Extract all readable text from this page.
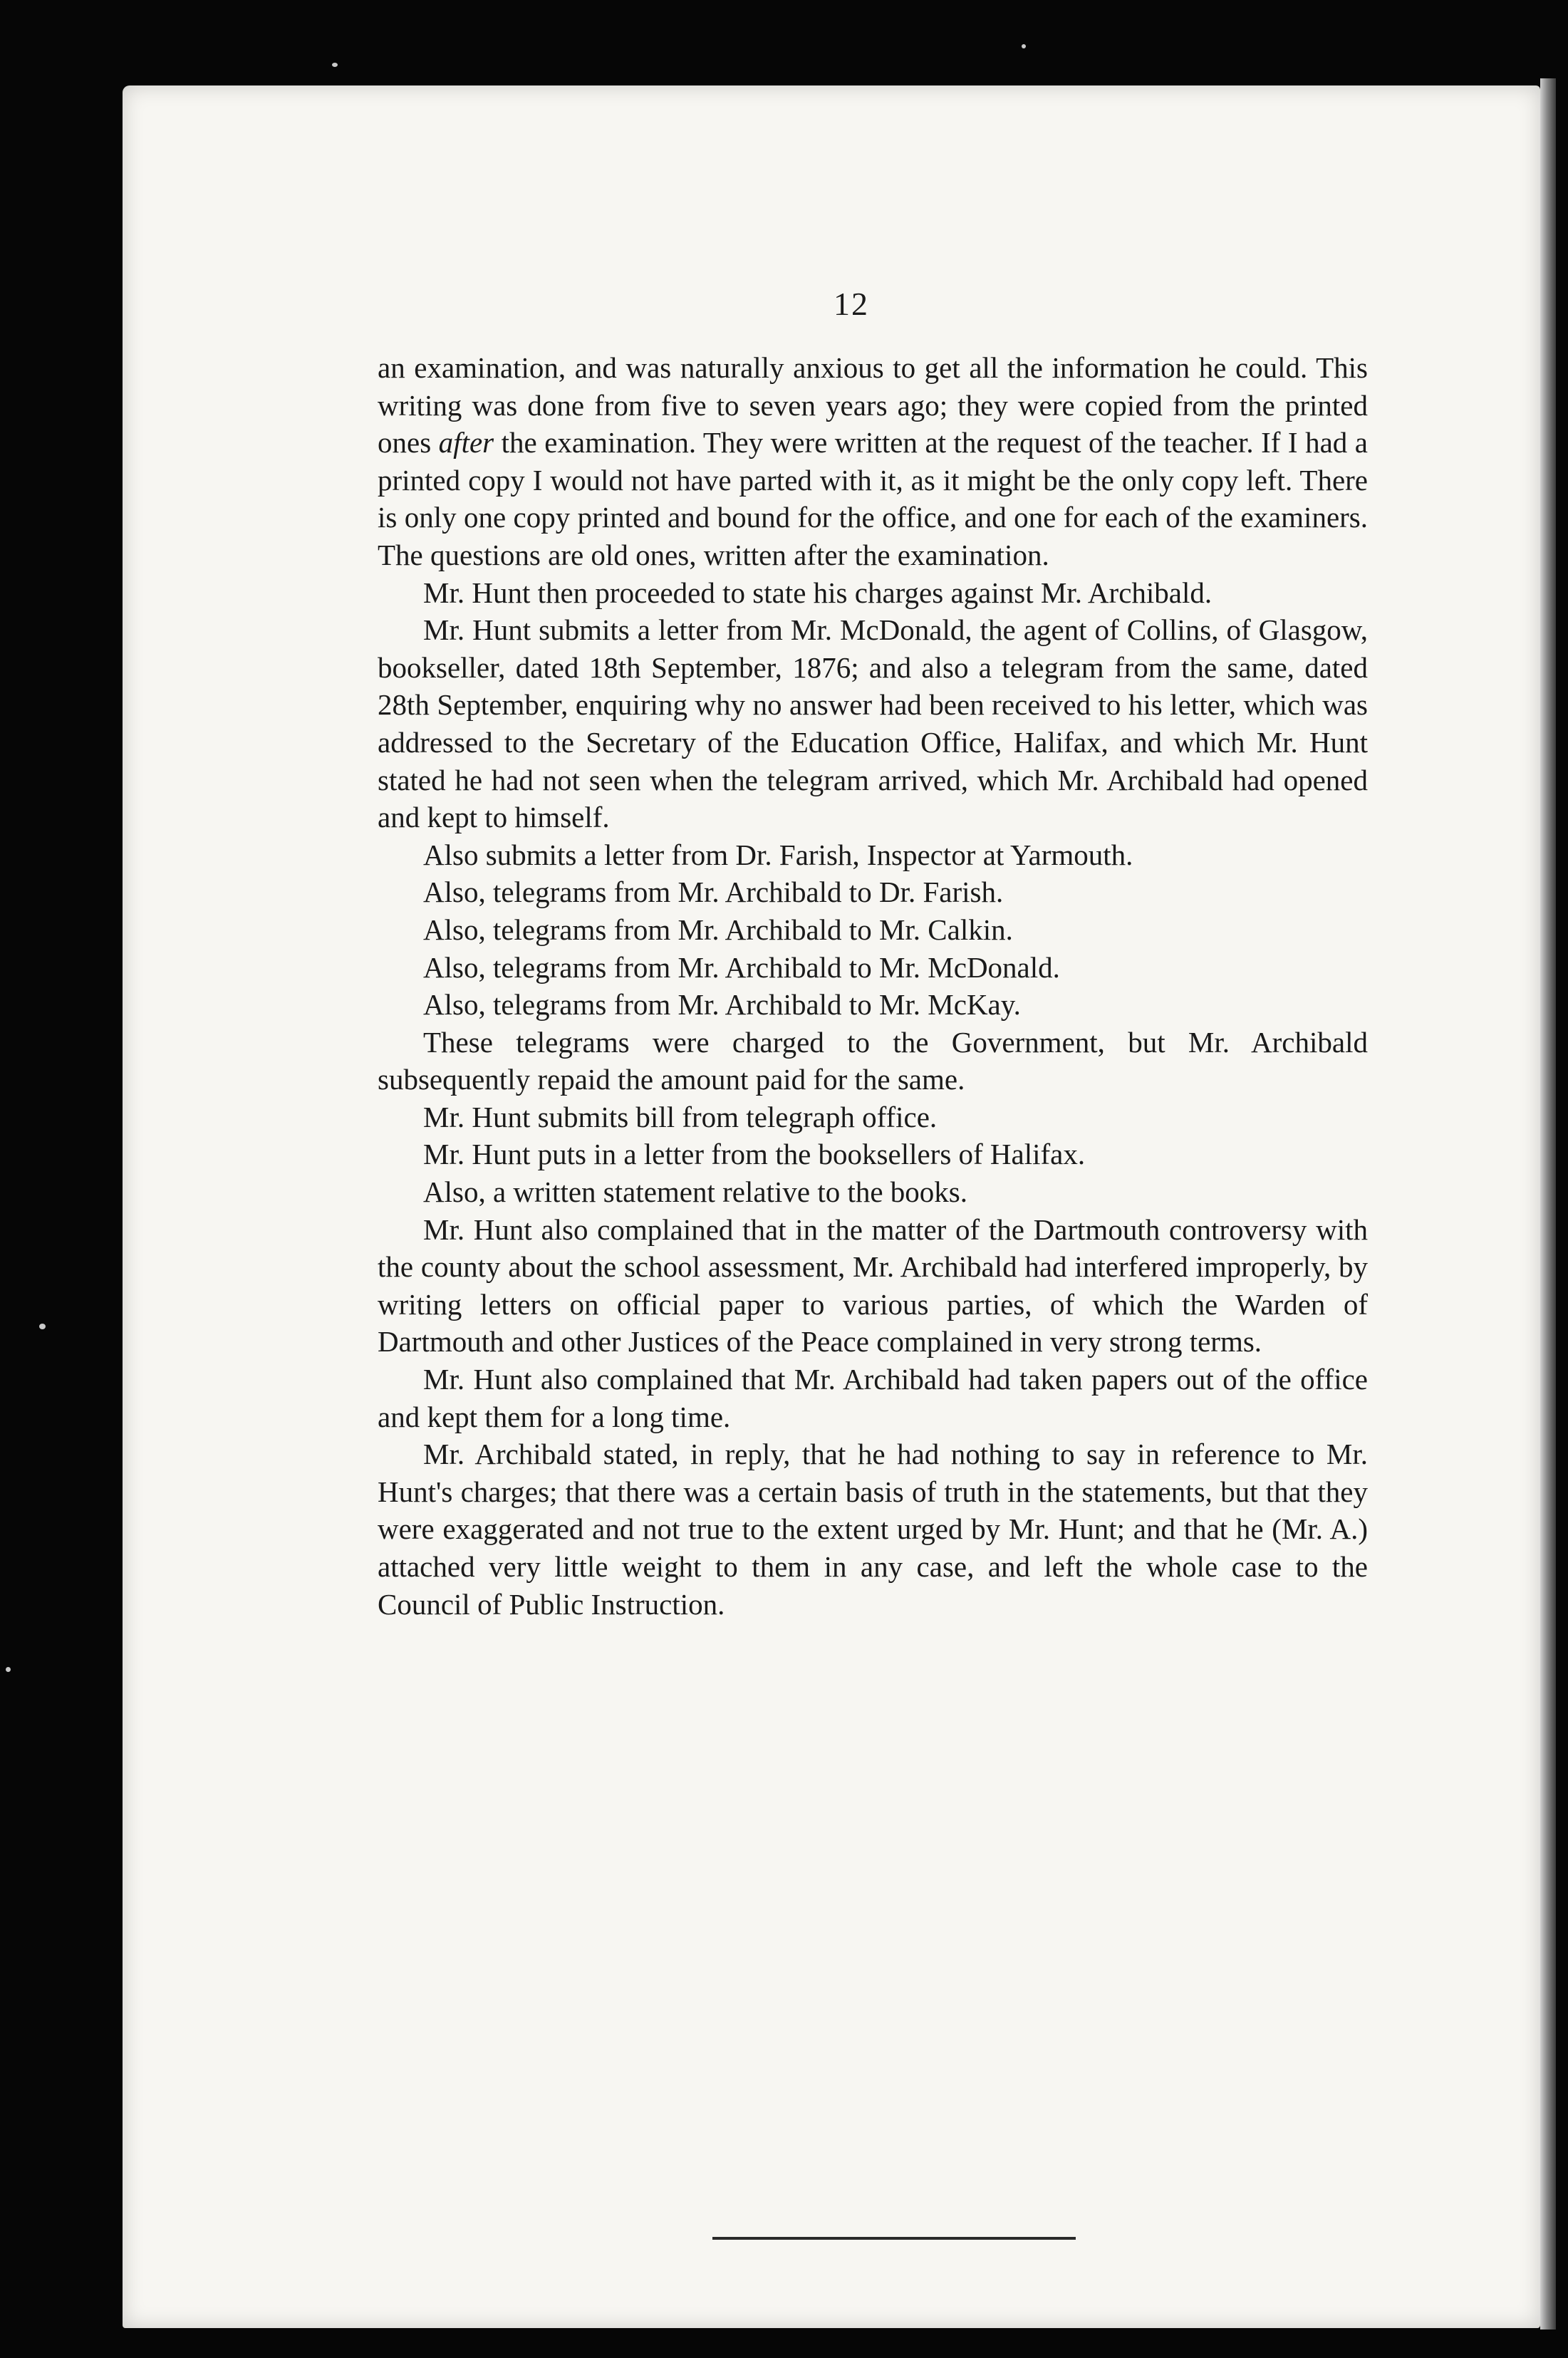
12

an examination, and was naturally anxious to get all the information he could. This writing was done from five to seven years ago; they were copied from the printed ones after the examination. They were written at the request of the teacher. If I had a printed copy I would not have parted with it, as it might be the only copy left. There is only one copy printed and bound for the office, and one for each of the examiners. The questions are old ones, written after the examination.

Mr. Hunt then proceeded to state his charges against Mr. Archibald.

Mr. Hunt submits a letter from Mr. McDonald, the agent of Collins, of Glasgow, bookseller, dated 18th September, 1876; and also a telegram from the same, dated 28th September, enquiring why no answer had been received to his letter, which was addressed to the Secretary of the Education Office, Halifax, and which Mr. Hunt stated he had not seen when the telegram arrived, which Mr. Archibald had opened and kept to himself.

Also submits a letter from Dr. Farish, Inspector at Yarmouth.

Also, telegrams from Mr. Archibald to Dr. Farish.

Also, telegrams from Mr. Archibald to Mr. Calkin.

Also, telegrams from Mr. Archibald to Mr. McDonald.

Also, telegrams from Mr. Archibald to Mr. McKay.

These telegrams were charged to the Government, but Mr. Archibald subsequently repaid the amount paid for the same.

Mr. Hunt submits bill from telegraph office.

Mr. Hunt puts in a letter from the booksellers of Halifax.

Also, a written statement relative to the books.

Mr. Hunt also complained that in the matter of the Dartmouth controversy with the county about the school assessment, Mr. Archibald had interfered improperly, by writing letters on official paper to various parties, of which the Warden of Dartmouth and other Justices of the Peace complained in very strong terms.

Mr. Hunt also complained that Mr. Archibald had taken papers out of the office and kept them for a long time.

Mr. Archibald stated, in reply, that he had nothing to say in reference to Mr. Hunt's charges; that there was a certain basis of truth in the statements, but that they were exaggerated and not true to the extent urged by Mr. Hunt; and that he (Mr. A.) attached very little weight to them in any case, and left the whole case to the Council of Public Instruction.
